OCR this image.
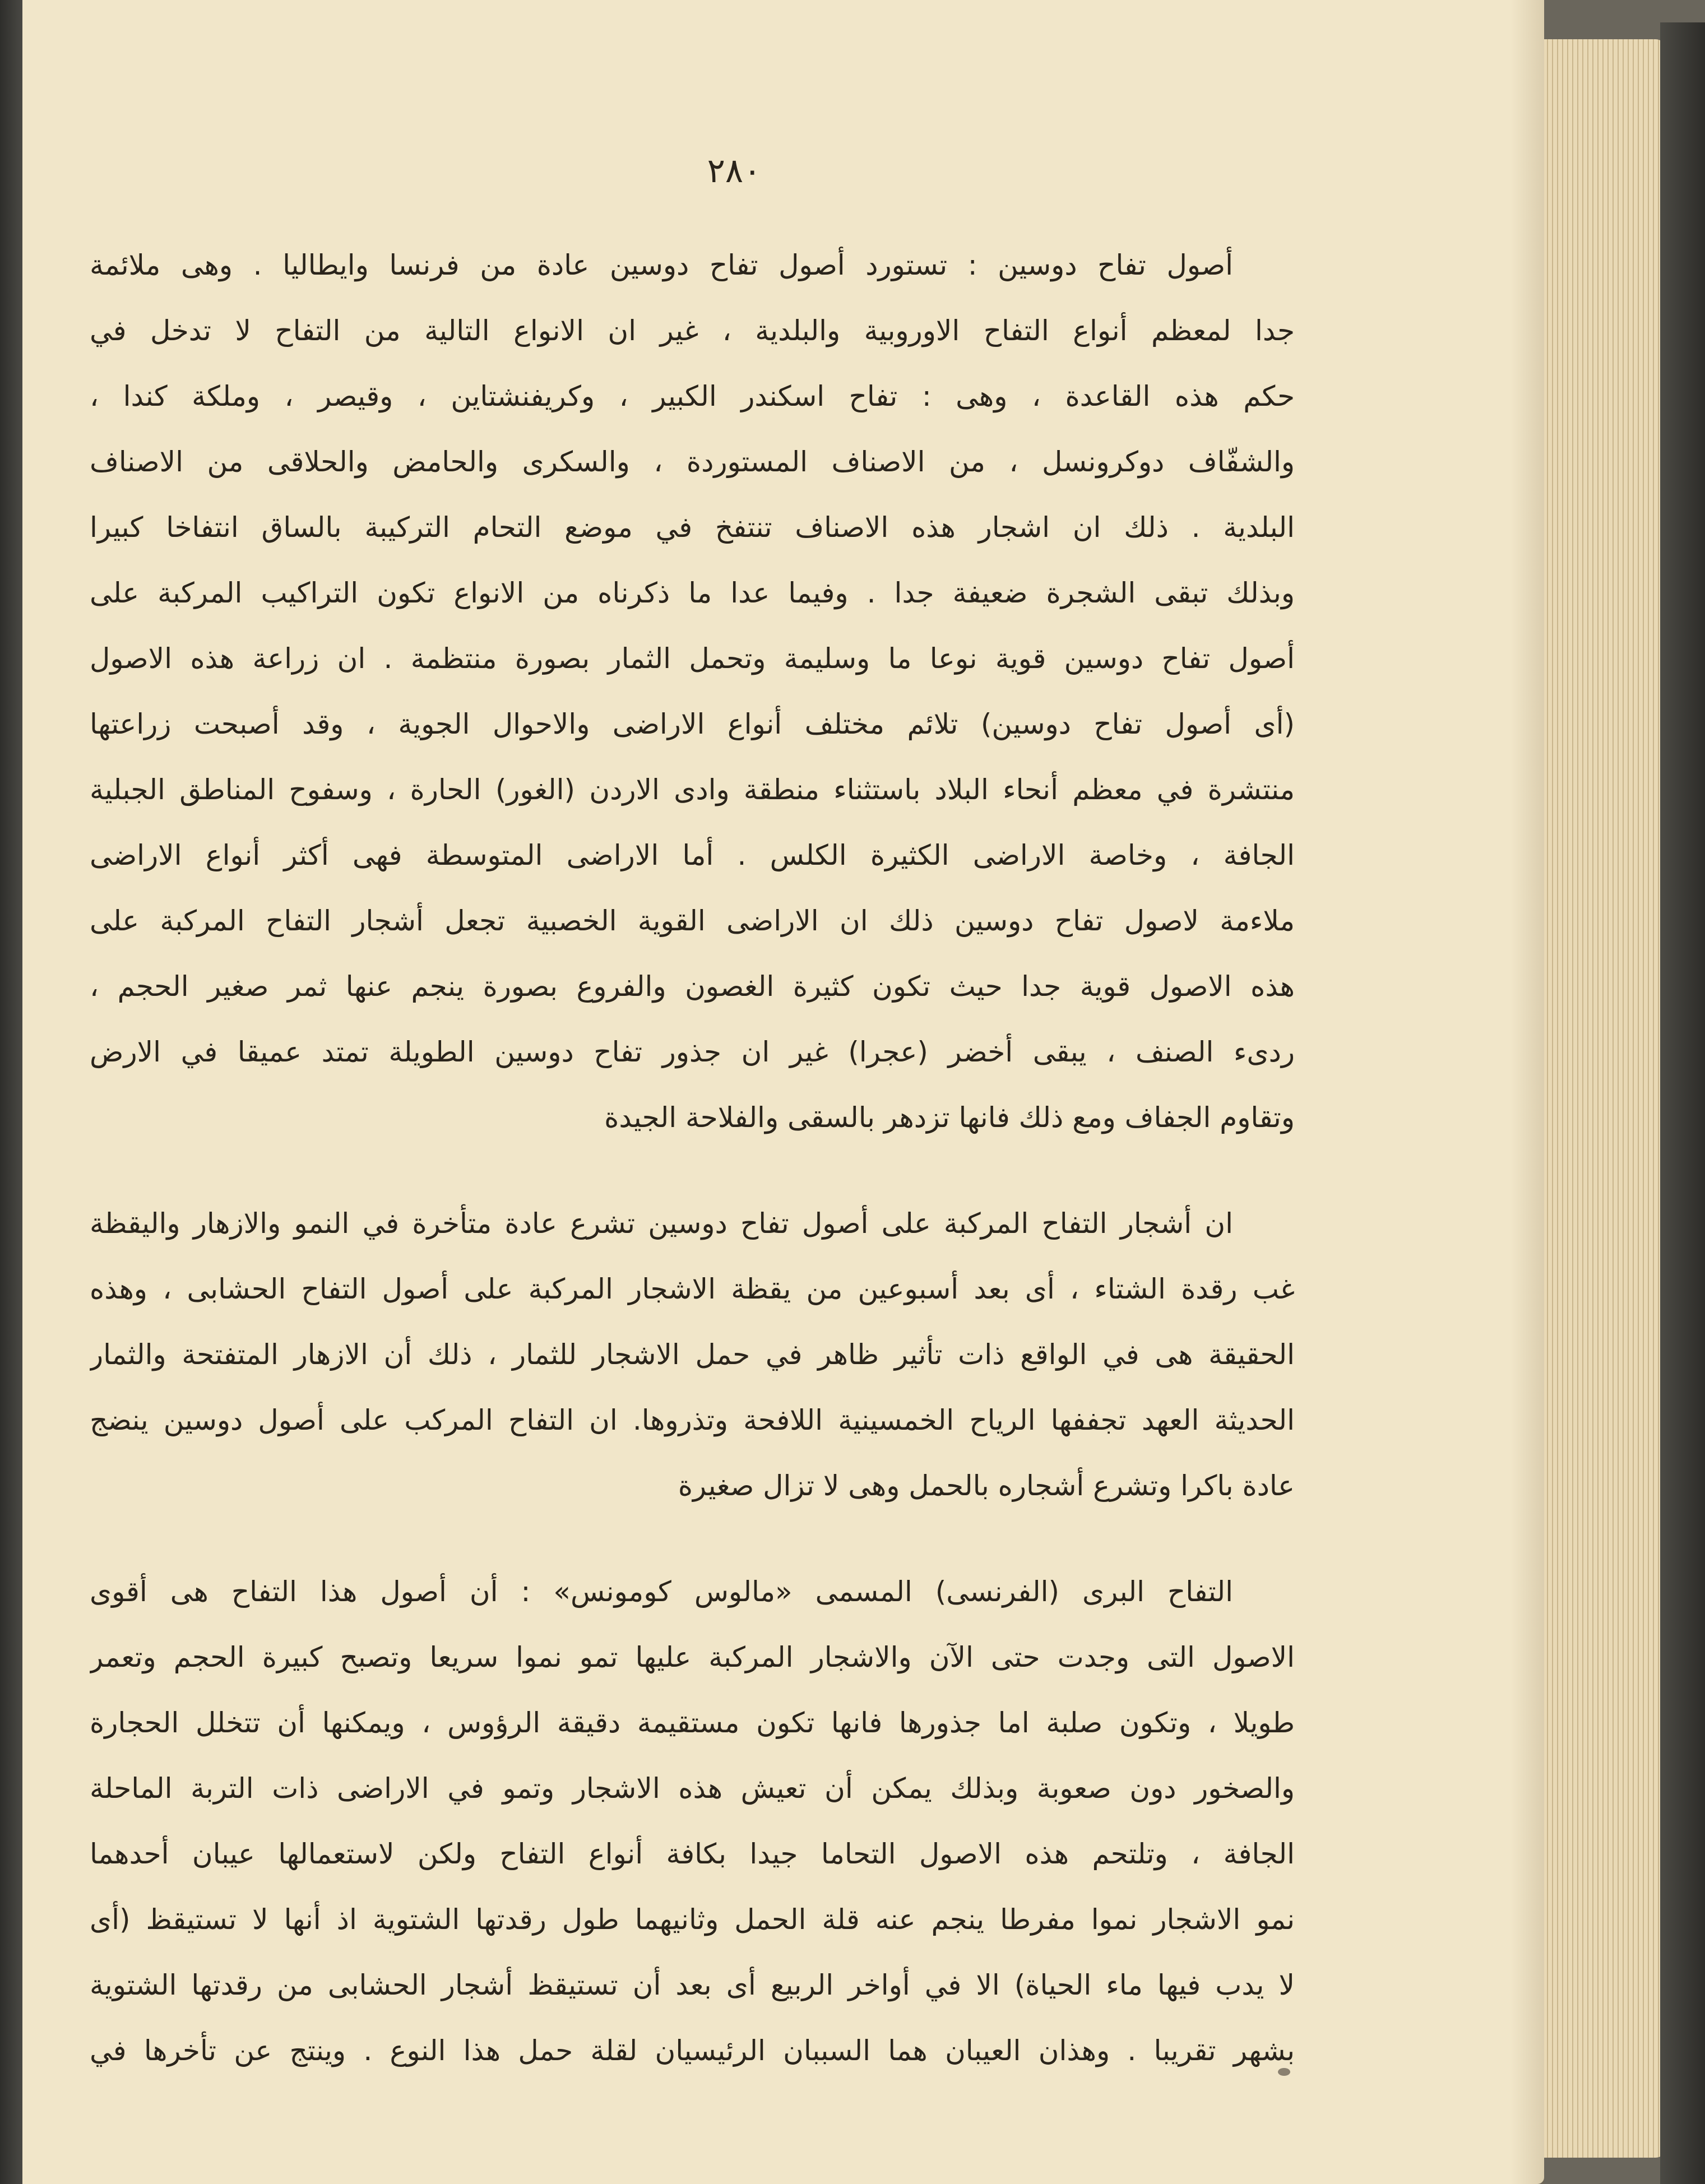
٢٨٠
أصول تفاح دوسين : تستورد أصول تفاح دوسين عادة من فرنسا وايطاليا . وهى ملائمة
جدا لمعظم أنواع التفاح الاوروبية والبلدية ، غير ان الانواع التالية من التفاح لا تدخل في
حكم هذه القاعدة ، وهى : تفاح اسكندر الكبير ، وكريفنشتاين ، وقيصر ، وملكة كندا ،
والشفّاف دوكرونسل ، من الاصناف المستوردة ، والسكرى والحامض والحلاقى من الاصناف
البلدية . ذلك ان اشجار هذه الاصناف تنتفخ في موضع التحام التركيبة بالساق انتفاخا كبيرا
وبذلك تبقى الشجرة ضعيفة جدا . وفيما عدا ما ذكرناه من الانواع تكون التراكيب المركبة على
أصول تفاح دوسين قوية نوعا ما وسليمة وتحمل الثمار بصورة منتظمة . ان زراعة هذه الاصول
(أى أصول تفاح دوسين) تلائم مختلف أنواع الاراضى والاحوال الجوية ، وقد أصبحت زراعتها
منتشرة في معظم أنحاء البلاد باستثناء منطقة وادى الاردن (الغور) الحارة ، وسفوح المناطق الجبلية
الجافة ، وخاصة الاراضى الكثيرة الكلس . أما الاراضى المتوسطة فهى أكثر أنواع الاراضى
ملاءمة لاصول تفاح دوسين ذلك ان الاراضى القوية الخصبية تجعل أشجار التفاح المركبة على
هذه الاصول قوية جدا حيث تكون كثيرة الغصون والفروع بصورة ينجم عنها ثمر صغير الحجم ،
ردىء الصنف ، يبقى أخضر (عجرا) غير ان جذور تفاح دوسين الطويلة تمتد عميقا في الارض
وتقاوم الجفاف ومع ذلك فانها تزدهر بالسقى والفلاحة الجيدة
ان أشجار التفاح المركبة على أصول تفاح دوسين تشرع عادة متأخرة في النمو والازهار واليقظة
غب رقدة الشتاء ، أى بعد أسبوعين من يقظة الاشجار المركبة على أصول التفاح الحشابى ، وهذه
الحقيقة هى في الواقع ذات تأثير ظاهر في حمل الاشجار للثمار ، ذلك أن الازهار المتفتحة والثمار
الحديثة العهد تجففها الرياح الخمسينية اللافحة وتذروها. ان التفاح المركب على أصول دوسين ينضج
عادة باكرا وتشرع أشجاره بالحمل وهى لا تزال صغيرة
التفاح البرى (الفرنسى) المسمى «مالوس كومونس» : أن أصول هذا التفاح هى أقوى
الاصول التى وجدت حتى الآن والاشجار المركبة عليها تمو نموا سريعا وتصبح كبيرة الحجم وتعمر
طويلا ، وتكون صلبة اما جذورها فانها تكون مستقيمة دقيقة الرؤوس ، ويمكنها أن تتخلل الحجارة
والصخور دون صعوبة وبذلك يمكن أن تعيش هذه الاشجار وتمو في الاراضى ذات التربة الماحلة
الجافة ، وتلتحم هذه الاصول التحاما جيدا بكافة أنواع التفاح ولكن لاستعمالها عيبان أحدهما
نمو الاشجار نموا مفرطا ينجم عنه قلة الحمل وثانيهما طول رقدتها الشتوية اذ أنها لا تستيقظ (أى
لا يدب فيها ماء الحياة) الا في أواخر الربيع أى بعد أن تستيقظ أشجار الحشابى من رقدتها الشتوية
بشهر تقريبا . وهذان العيبان هما السببان الرئيسيان لقلة حمل هذا النوع . وينتج عن تأخرها في
